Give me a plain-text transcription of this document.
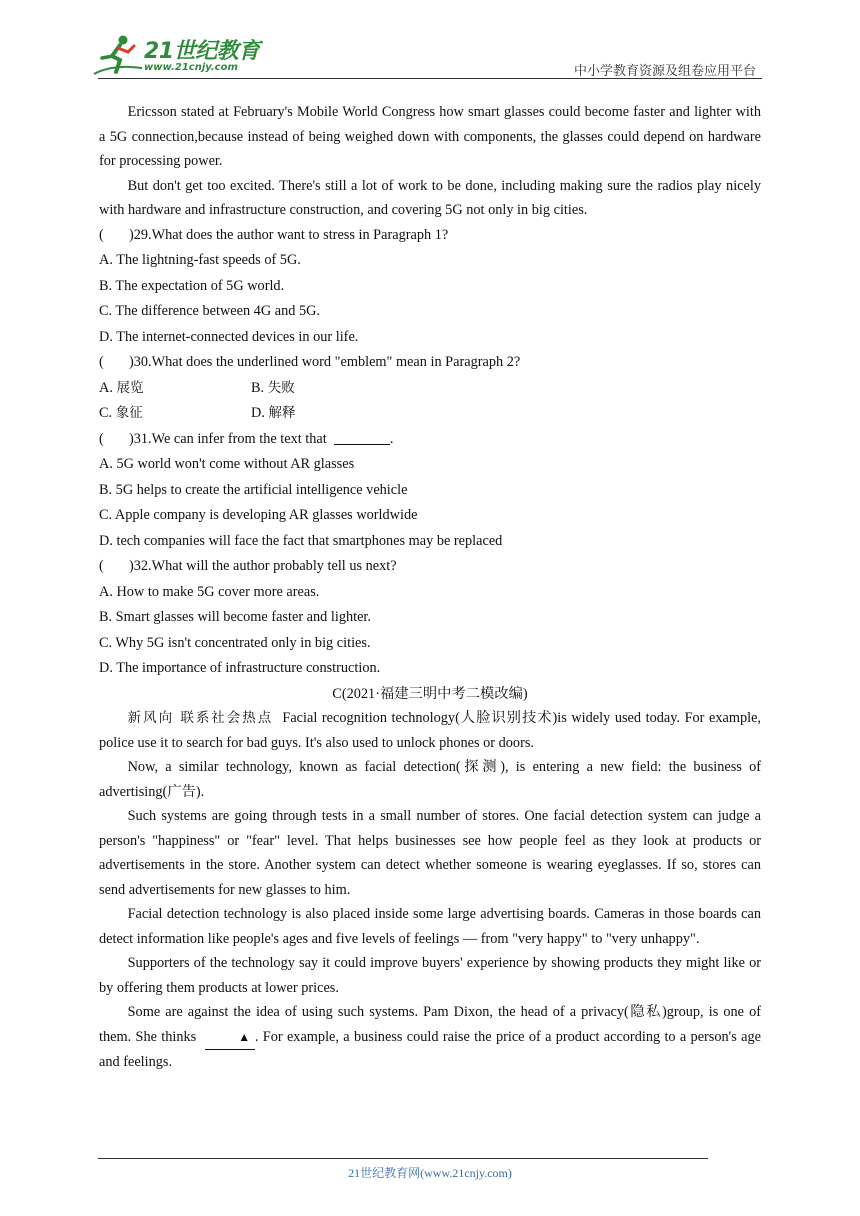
21世纪教育
www.21cnjy.com	中小学教育资源及组卷应用平台

Ericsson stated at February's Mobile World Congress how smart glasses could become faster and lighter with a 5G connection,because instead of being weighed down with components, the glasses could depend on hardware for processing power.

But don't get too excited. There's still a lot of work to be done, including making sure the radios play nicely with hardware and infrastructure construction, and covering 5G not only in big cities.

( )29.What does the author want to stress in Paragraph 1?

A. The lightning-fast speeds of 5G.

B. The expectation of 5G world.

C. The difference between 4G and 5G.

D. The internet-connected devices in our life.

( )30.What does the underlined word "emblem" mean in Paragraph 2?

A. 展览	B. 失败
C. 象征	D. 解释

( )31.We can infer from the text that	.

A. 5G world won't come without AR glasses

B. 5G helps to create the artificial intelligence vehicle

C. Apple company is developing AR glasses worldwide

D. tech companies will face the fact that smartphones may be replaced

( )32.What will the author probably tell us next?

A. How to make 5G cover more areas.

B. Smart glasses will become faster and lighter.

C. Why 5G isn't concentrated only in big cities.

D. The importance of infrastructure construction.

C(2021·福建三明中考二模改编)

新风向 联系社会热点 Facial recognition technology(人脸识别技术)is widely used today. For example, police use it to search for bad guys. It's also used to unlock phones or doors.

Now, a similar technology, known as facial detection(探测), is entering a new field: the business of advertising(广告).

Such systems are going through tests in a small number of stores. One facial detection system can judge a person's "happiness" or "fear" level. That helps businesses see how people feel as they look at products or advertisements in the store. Another system can detect whether someone is wearing eyeglasses. If so, stores can send advertisements for new glasses to him.

Facial detection technology is also placed inside some large advertising boards. Cameras in those boards can detect information like people's ages and five levels of feelings — from "very happy" to "very unhappy".

Supporters of the technology say it could improve buyers' experience by showing products they might like or by offering them products at lower prices.

Some are against the idea of using such systems. Pam Dixon, the head of a privacy(隐私)group, is one of them. She thinks	▲ . For example, a business could raise the price of a product according to a person's age and feelings.

21世纪教育网(www.21cnjy.com)
